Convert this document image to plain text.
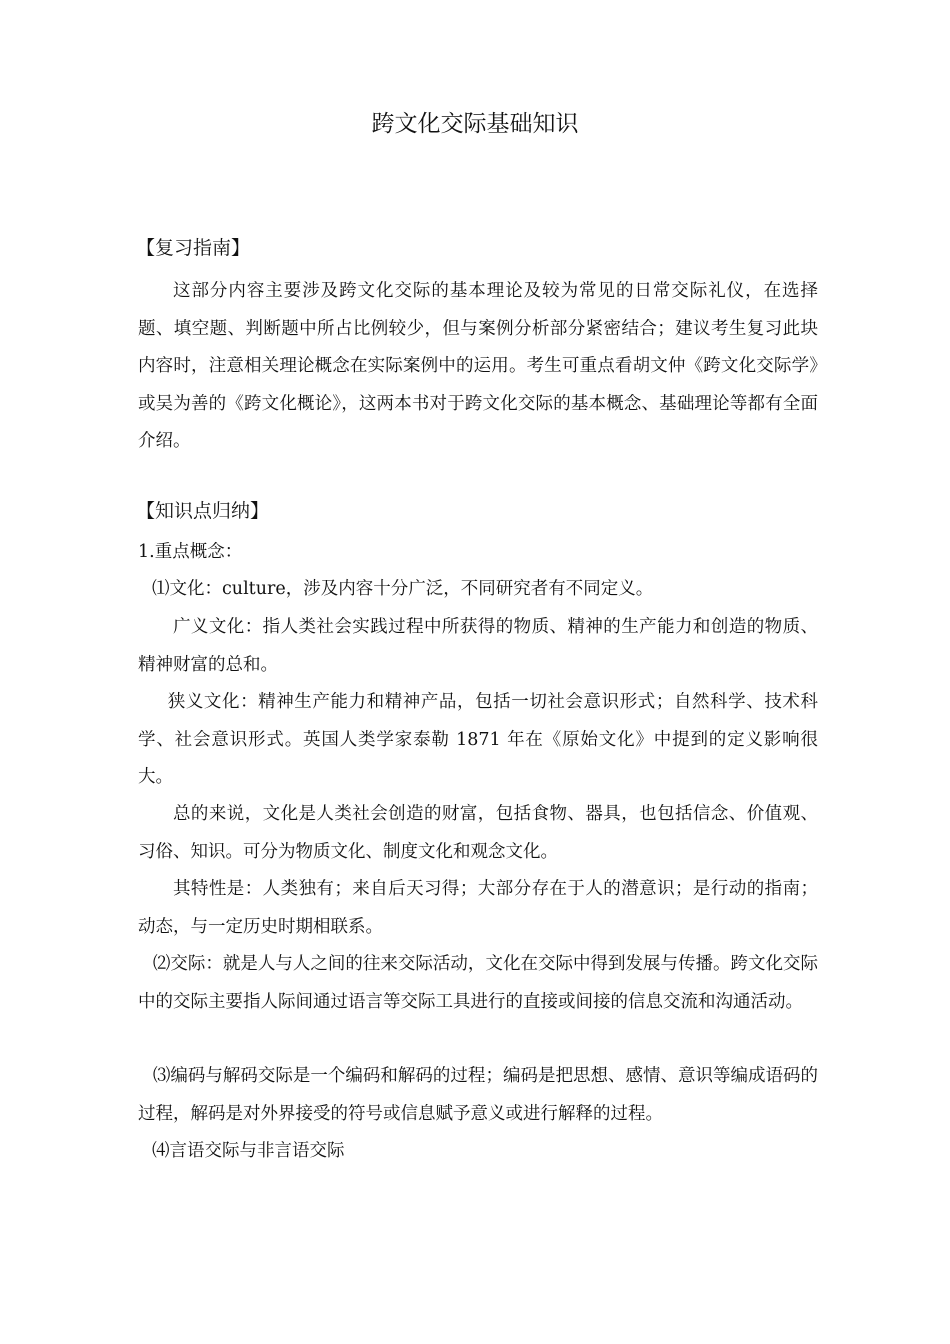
跨文化交际基础知识
【复习指南】
这部分内容主要涉及跨文化交际的基本理论及较为常见的日常交际礼仪，在选择题、填空题、判断题中所占比例较少，但与案例分析部分紧密结合；建议考生复习此块内容时，注意相关理论概念在实际案例中的运用。考生可重点看胡文仲《跨文化交际学》或吴为善的《跨文化概论》，这两本书对于跨文化交际的基本概念、基础理论等都有全面介绍。
【知识点归纳】
1.重点概念：
⑴文化：culture，涉及内容十分广泛，不同研究者有不同定义。
广义文化：指人类社会实践过程中所获得的物质、精神的生产能力和创造的物质、精神财富的总和。
狭义文化：精神生产能力和精神产品，包括一切社会意识形式；自然科学、技术科学、社会意识形式。英国人类学家泰勒 1871 年在《原始文化》中提到的定义影响很大。
总的来说，文化是人类社会创造的财富，包括食物、器具，也包括信念、价值观、习俗、知识。可分为物质文化、制度文化和观念文化。
其特性是：人类独有；来自后天习得；大部分存在于人的潜意识；是行动的指南；动态，与一定历史时期相联系。
⑵交际：就是人与人之间的往来交际活动，文化在交际中得到发展与传播。跨文化交际中的交际主要指人际间通过语言等交际工具进行的直接或间接的信息交流和沟通活动。
⑶编码与解码交际是一个编码和解码的过程；编码是把思想、感情、意识等编成语码的过程，解码是对外界接受的符号或信息赋予意义或进行解释的过程。
⑷言语交际与非言语交际
